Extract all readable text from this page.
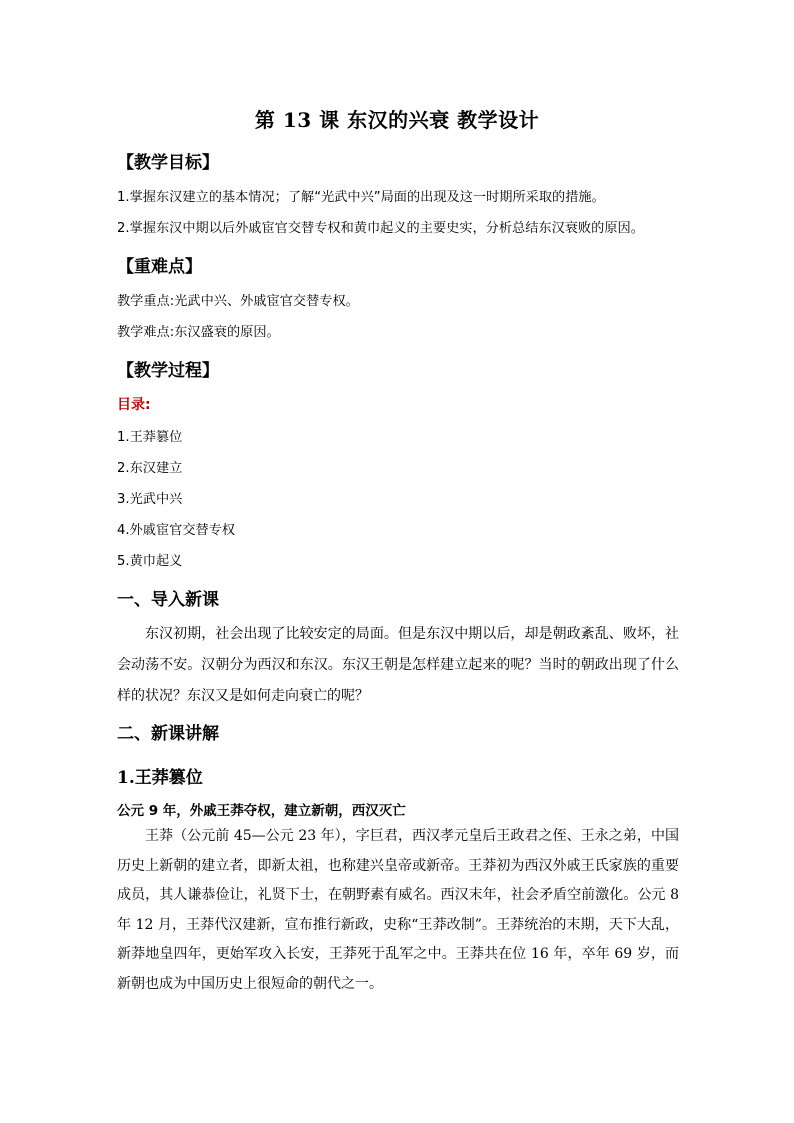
第 13 课 东汉的兴衰 教学设计
【教学目标】
1.掌握东汉建立的基本情况；了解“光武中兴”局面的出现及这一时期所采取的措施。
2.掌握东汉中期以后外戚宦官交替专权和黄巾起义的主要史实，分析总结东汉衰败的原因。
【重难点】
教学重点:光武中兴、外戚宦官交替专权。
教学难点:东汉盛衰的原因。
【教学过程】
目录:
1.王莽篡位
2.东汉建立
3.光武中兴
4.外戚宦官交替专权
5.黄巾起义
一、导入新课
东汉初期，社会出现了比较安定的局面。但是东汉中期以后，却是朝政紊乱、败坏，社会动荡不安。汉朝分为西汉和东汉。东汉王朝是怎样建立起来的呢？当时的朝政出现了什么样的状况？东汉又是如何走向衰亡的呢？
二、新课讲解
1.王莽篡位
公元 9 年，外戚王莽夺权，建立新朝，西汉灭亡
王莽（公元前 45—公元 23 年），字巨君，西汉孝元皇后王政君之侄、王永之弟，中国历史上新朝的建立者，即新太祖，也称建兴皇帝或新帝。王莽初为西汉外戚王氏家族的重要成员，其人谦恭俭让，礼贤下士，在朝野素有威名。西汉末年，社会矛盾空前激化。公元 8 年 12 月，王莽代汉建新，宣布推行新政，史称“王莽改制”。王莽统治的末期，天下大乱，新莽地皇四年，更始军攻入长安，王莽死于乱军之中。王莽共在位 16 年，卒年 69 岁，而新朝也成为中国历史上很短命的朝代之一。
